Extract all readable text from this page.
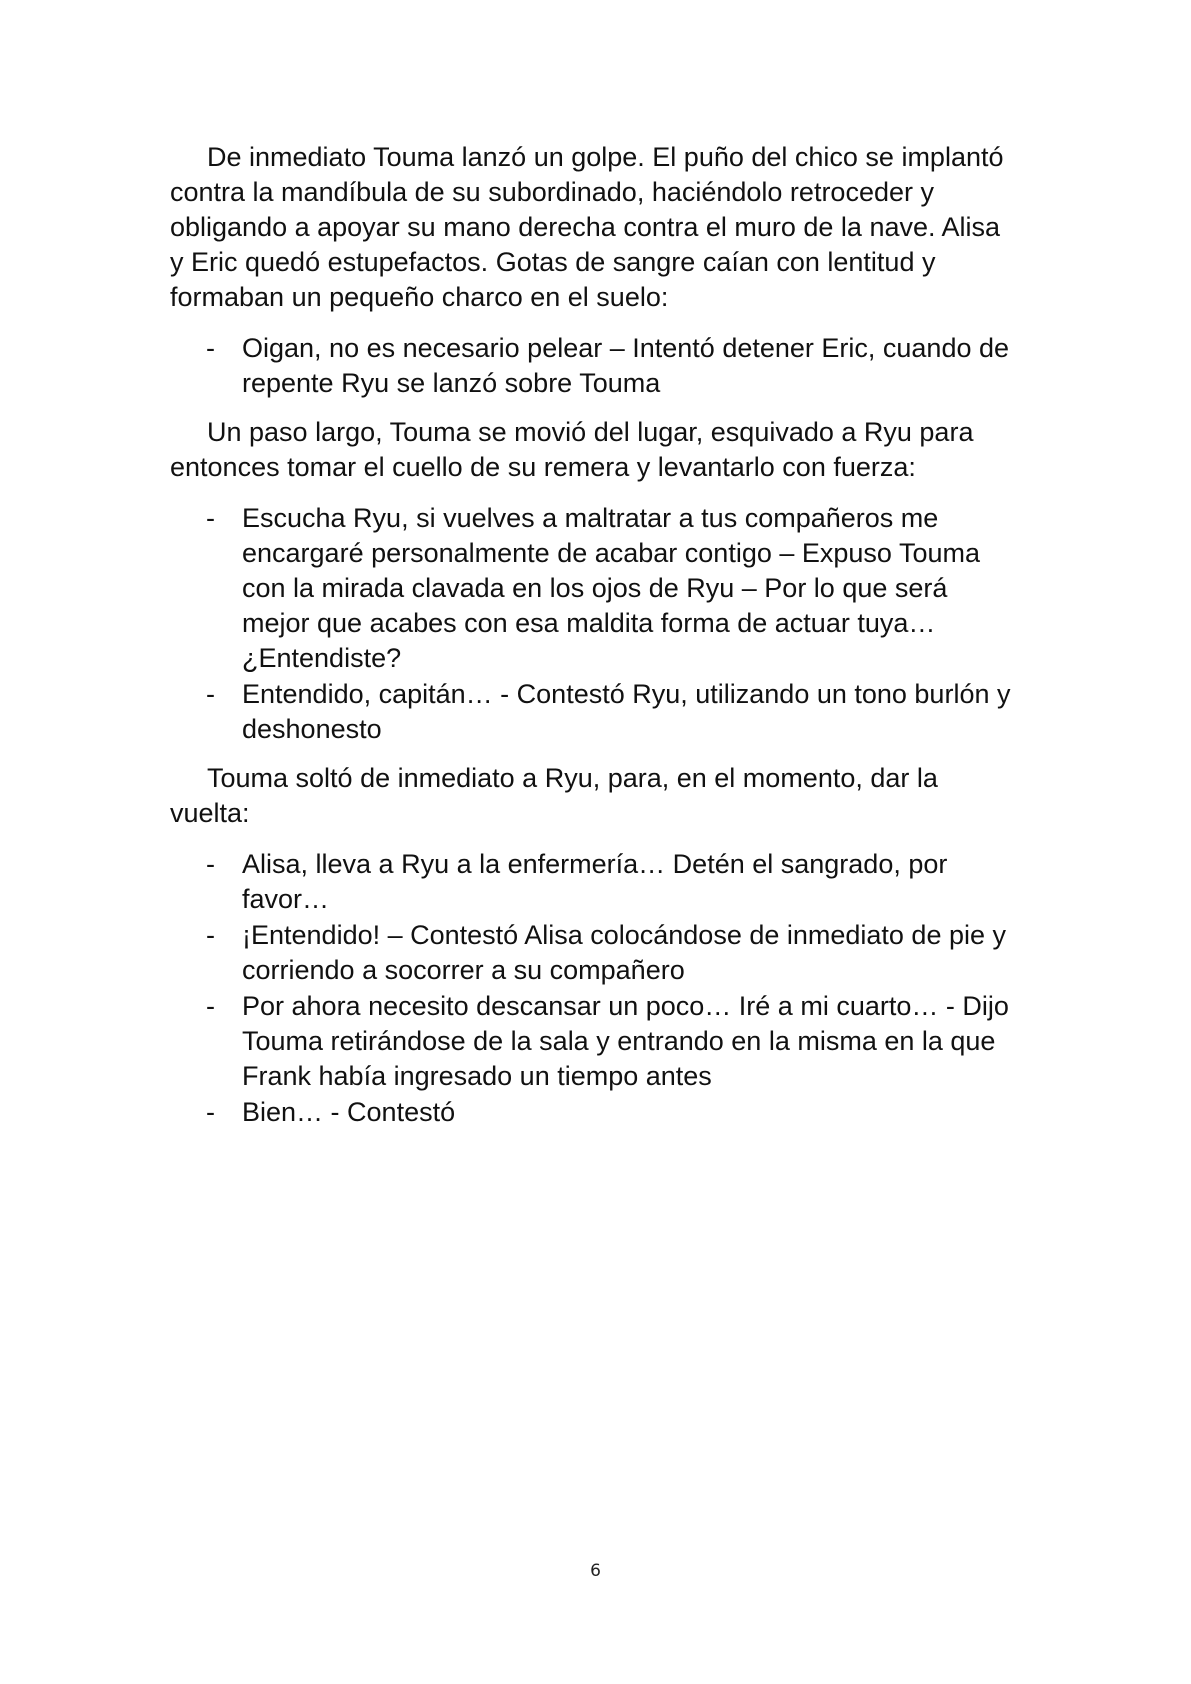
De inmediato Touma lanzó un golpe. El puño del chico se implantó contra la mandíbula de su subordinado, haciéndolo retroceder y obligando a apoyar su mano derecha contra el muro de la nave. Alisa y Eric quedó estupefactos. Gotas de sangre caían con lentitud y formaban un pequeño charco en el suelo:

- Oigan, no es necesario pelear – Intentó detener Eric, cuando de repente Ryu se lanzó sobre Touma

Un paso largo, Touma se movió del lugar, esquivado a Ryu para entonces tomar el cuello de su remera y levantarlo con fuerza:

- Escucha Ryu, si vuelves a maltratar a tus compañeros me encargaré personalmente de acabar contigo – Expuso Touma con la mirada clavada en los ojos de Ryu – Por lo que será mejor que acabes con esa maldita forma de actuar tuya… ¿Entendiste?
- Entendido, capitán… - Contestó Ryu, utilizando un tono burlón y deshonesto

Touma soltó de inmediato a Ryu, para, en el momento, dar la vuelta:

- Alisa, lleva a Ryu a la enfermería… Detén el sangrado, por favor…
- ¡Entendido! – Contestó Alisa colocándose de inmediato de pie y corriendo a socorrer a su compañero
- Por ahora necesito descansar un poco… Iré a mi cuarto… - Dijo Touma retirándose de la sala y entrando en la misma en la que Frank había ingresado un tiempo antes
- Bien… - Contestó
6
